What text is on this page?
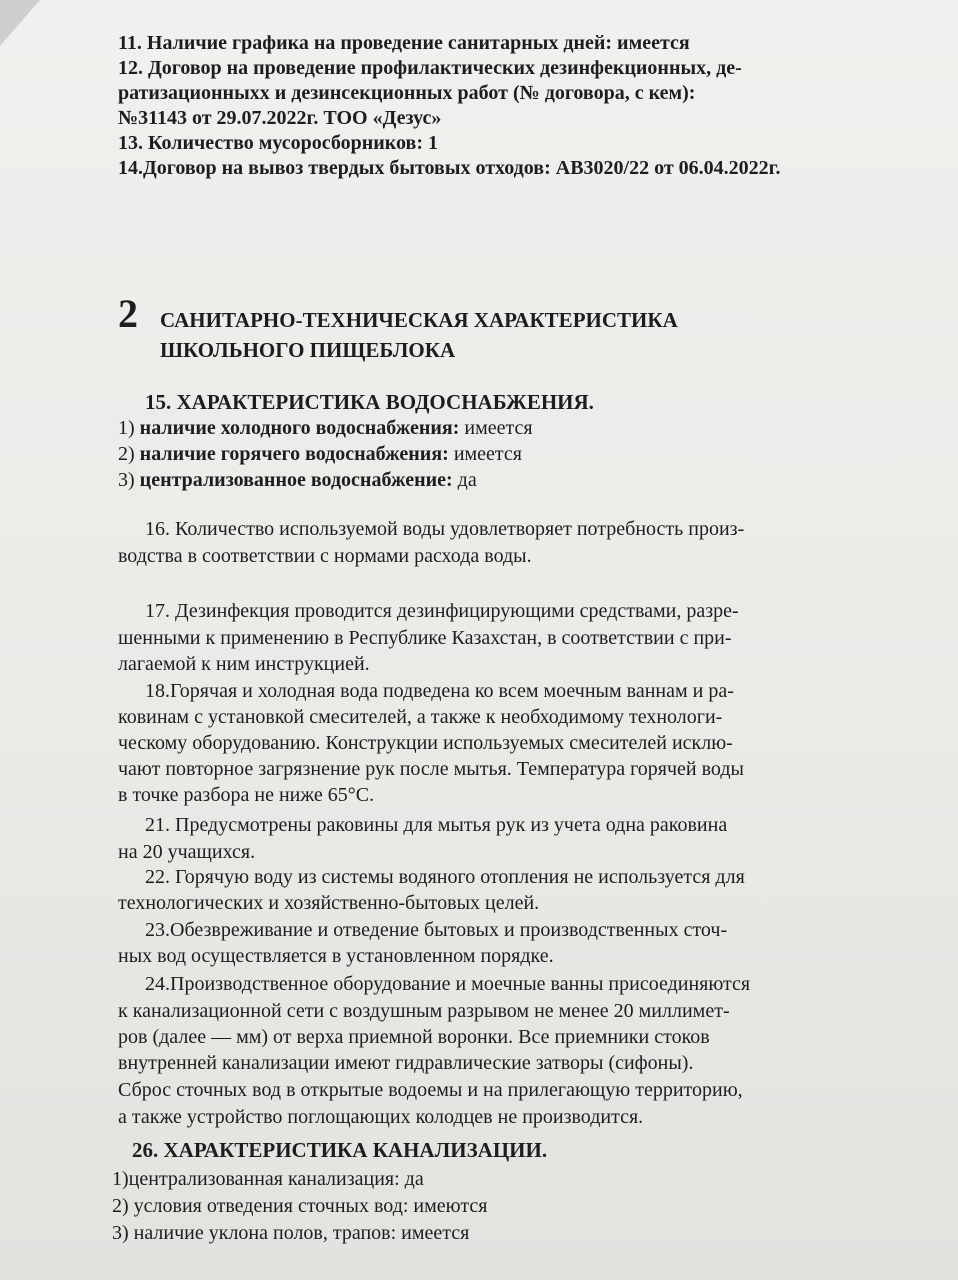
11. Наличие графика на проведение санитарных дней: имеется
12. Договор на проведение профилактических дезинфекционных, де-
ратизационныхх и дезинсекционных работ (№ договора, с кем):
№31143 от 29.07.2022г. ТОО «Дезус»
13. Количество мусоросборников: 1
14.Договор на вывоз твердых бытовых отходов: АВ3020/22 от 06.04.2022г.
2 САНИТАРНО-ТЕХНИЧЕСКАЯ ХАРАКТЕРИСТИКА
ШКОЛЬНОГО ПИЩЕБЛОКА
15. ХАРАКТЕРИСТИКА ВОДОСНАБЖЕНИЯ.
1) наличие холодного водоснабжения: имеется
2) наличие горячего водоснабжения: имеется
3) централизованное водоснабжение: да
16. Количество используемой воды удовлетворяет потребность произ-
водства в соответствии с нормами расхода воды.
17. Дезинфекция проводится дезинфицирующими средствами, разре-
шенными к применению в Республике Казахстан, в соответствии с при-
лагаемой к ним инструкцией.
18.Горячая и холодная вода подведена ко всем моечным ваннам и ра-
ковинам с установкой смесителей, а также к необходимому технологи-
ческому оборудованию. Конструкции используемых смесителей исклю-
чают повторное загрязнение рук после мытья. Температура горячей воды
в точке разбора не ниже 65°С.
21. Предусмотрены раковины для мытья рук из учета одна раковина
на 20 учащихся.
22. Горячую воду из системы водяного отопления не используется для
технологических и хозяйственно-бытовых целей.
23.Обезвреживание и отведение бытовых и производственных сточ-
ных вод осуществляется в установленном порядке.
24.Производственное оборудование и моечные ванны присоединяются
к канализационной сети с воздушным разрывом не менее 20 миллимет-
ров (далее — мм) от верха приемной воронки. Все приемники стоков
внутренней канализации имеют гидравлические затворы (сифоны).
Сброс сточных вод в открытые водоемы и на прилегающую территорию,
а также устройство поглощающих колодцев не производится.
26. ХАРАКТЕРИСТИКА КАНАЛИЗАЦИИ.
1)централизованная канализация: да
2) условия отведения сточных вод: имеются
3) наличие уклона полов, трапов: имеется
